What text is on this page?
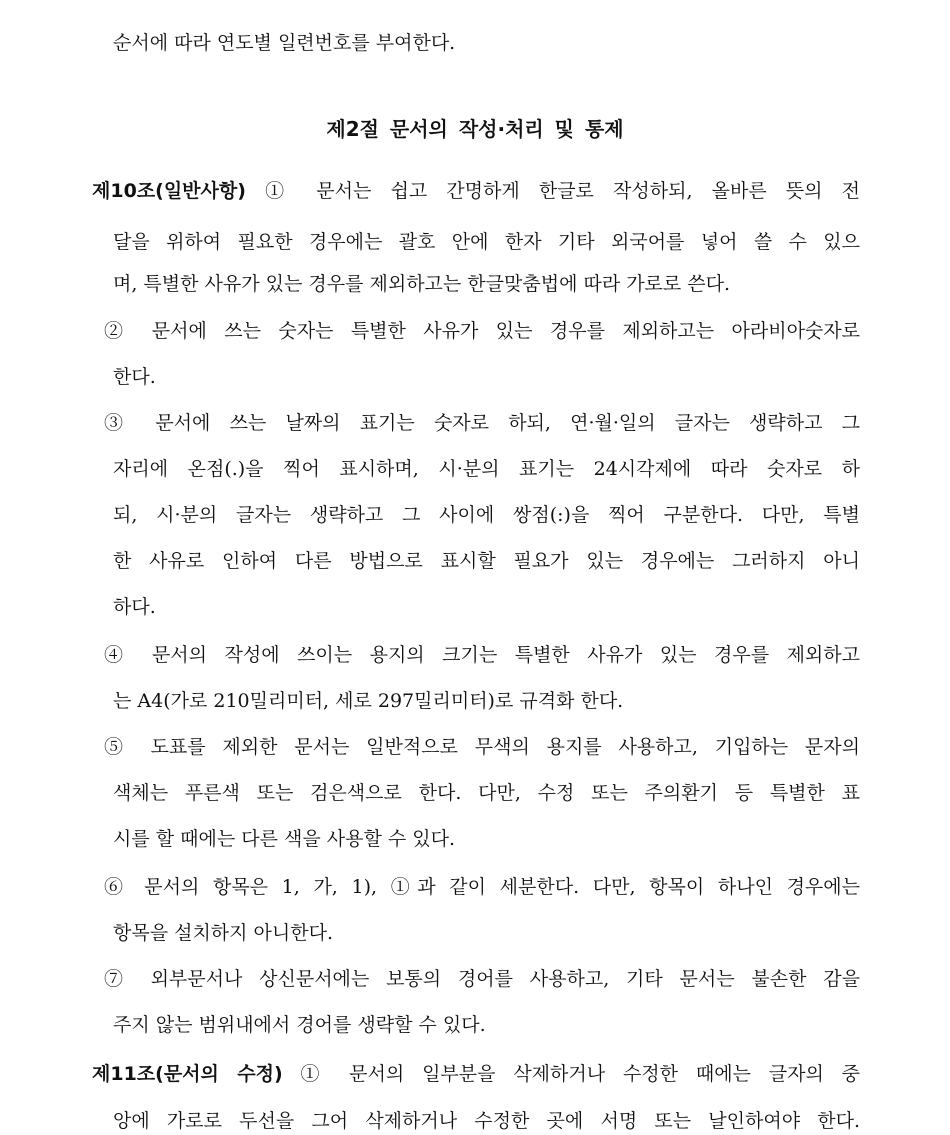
순서에 따라 연도별 일련번호를 부여한다.
제2절 문서의 작성·처리 및 통제
제10조(일반사항) ① 문서는 쉽고 간명하게 한글로 작성하되, 올바른 뜻의 전
달을 위하여 필요한 경우에는 괄호 안에 한자 기타 외국어를 넣어 쓸 수 있으
며, 특별한 사유가 있는 경우를 제외하고는 한글맞춤법에 따라 가로로 쓴다.
② 문서에 쓰는 숫자는 특별한 사유가 있는 경우를 제외하고는 아라비아숫자로
한다.
③ 문서에 쓰는 날짜의 표기는 숫자로 하되, 연·월·일의 글자는 생략하고 그
자리에 온점(.)을 찍어 표시하며, 시·분의 표기는 24시각제에 따라 숫자로 하
되, 시·분의 글자는 생략하고 그 사이에 쌍점(:)을 찍어 구분한다. 다만, 특별
한 사유로 인하여 다른 방법으로 표시할 필요가 있는 경우에는 그러하지 아니
하다.
④ 문서의 작성에 쓰이는 용지의 크기는 특별한 사유가 있는 경우를 제외하고
는 A4(가로 210밀리미터, 세로 297밀리미터)로 규격화 한다.
⑤ 도표를 제외한 문서는 일반적으로 무색의 용지를 사용하고, 기입하는 문자의
색체는 푸른색 또는 검은색으로 한다. 다만, 수정 또는 주의환기 등 특별한 표
시를 할 때에는 다른 색을 사용할 수 있다.
⑥ 문서의 항목은 1, 가, 1), ①과 같이 세분한다. 다만, 항목이 하나인 경우에는
항목을 설치하지 아니한다.
⑦ 외부문서나 상신문서에는 보통의 경어를 사용하고, 기타 문서는 불손한 감을
주지 않는 범위내에서 경어를 생략할 수 있다.
제11조(문서의 수정) ① 문서의 일부분을 삭제하거나 수정한 때에는 글자의 중
앙에 가로로 두선을 그어 삭제하거나 수정한 곳에 서명 또는 날인하여야 한다.
